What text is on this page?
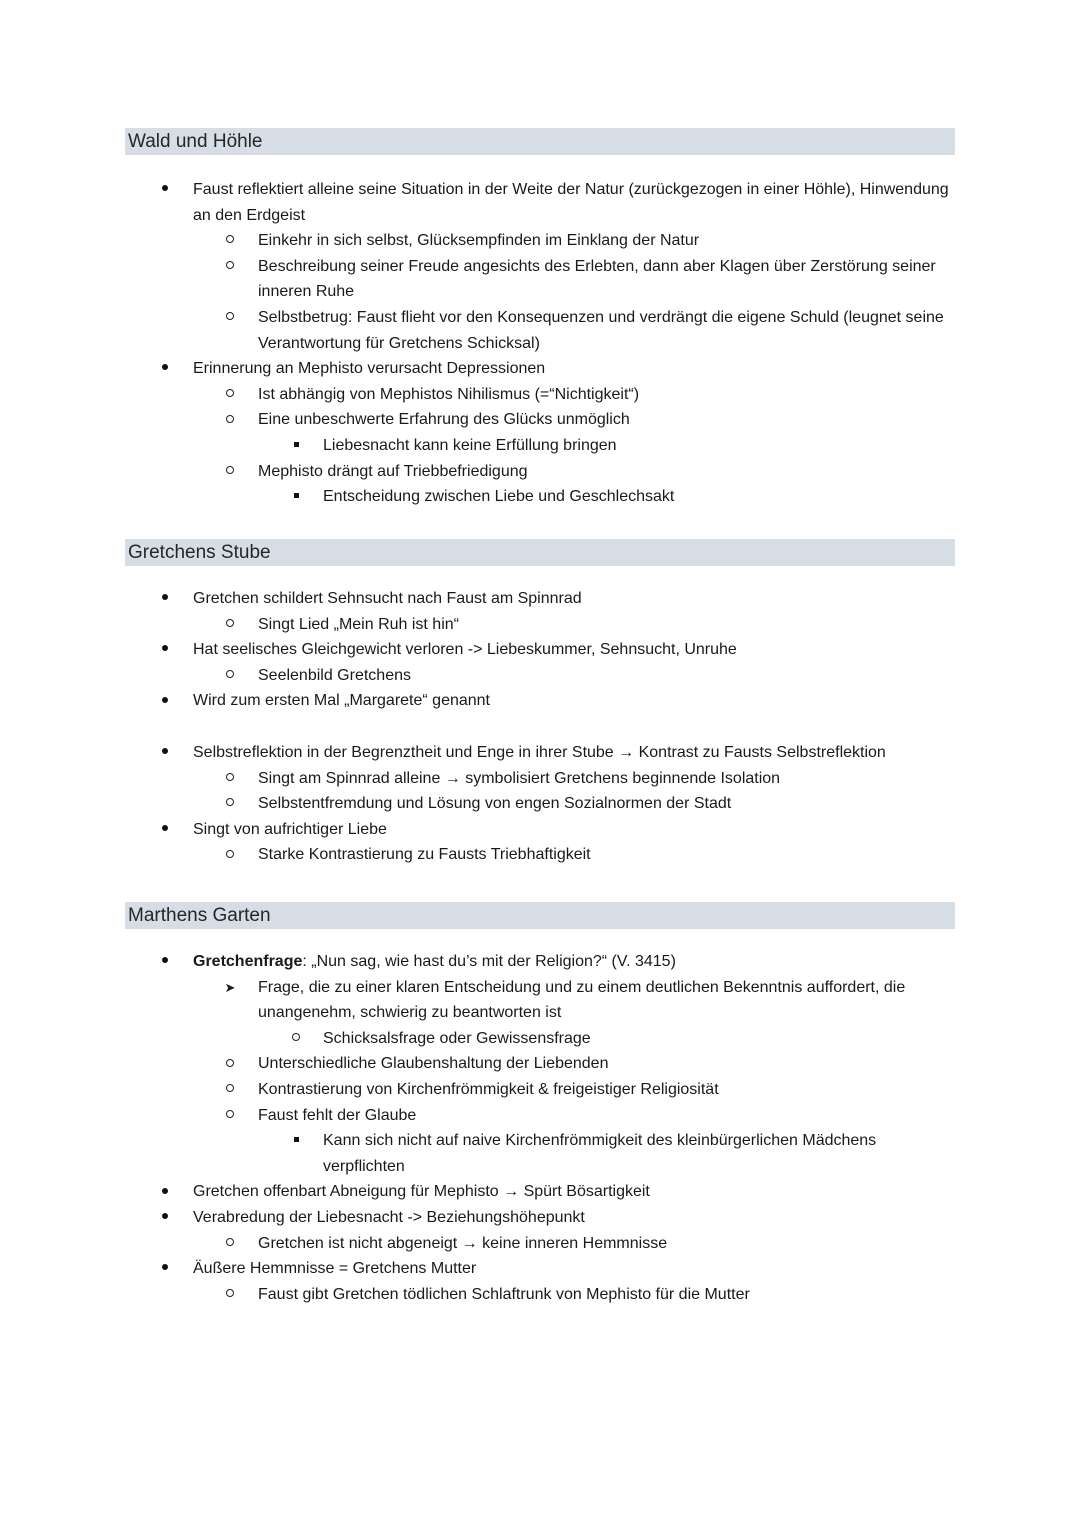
Wald und Höhle
Faust reflektiert alleine seine Situation in der Weite der Natur (zurückgezogen in einer Höhle), Hinwendung an den Erdgeist
Einkehr in sich selbst, Glücksempfinden im Einklang der Natur
Beschreibung seiner Freude angesichts des Erlebten, dann aber Klagen über Zerstörung seiner inneren Ruhe
Selbstbetrug: Faust flieht vor den Konsequenzen und verdrängt die eigene Schuld (leugnet seine Verantwortung für Gretchens Schicksal)
Erinnerung an Mephisto verursacht Depressionen
Ist abhängig von Mephistos Nihilismus (=“Nichtigkeit“)
Eine unbeschwerte Erfahrung des Glücks unmöglich
Liebesnacht kann keine Erfüllung bringen
Mephisto drängt auf Triebbefriedigung
Entscheidung zwischen Liebe und Geschlechsakt
Gretchens Stube
Gretchen schildert Sehnsucht nach Faust am Spinnrad
Singt Lied „Mein Ruh ist hin“
Hat seelisches Gleichgewicht verloren -> Liebeskummer, Sehnsucht, Unruhe
Seelenbild Gretchens
Wird zum ersten Mal „Margarete“ genannt
Selbstreflektion in der Begrenztheit und Enge in ihrer Stube → Kontrast zu Fausts Selbstreflektion
Singt am Spinnrad alleine → symbolisiert Gretchens beginnende Isolation
Selbstentfremdung und Lösung von engen Sozialnormen der Stadt
Singt von aufrichtiger Liebe
Starke Kontrastierung zu Fausts Triebhaftigkeit
Marthens Garten
Gretchenfrage: „Nun sag, wie hast du’s mit der Religion?“ (V. 3415)
➤ Frage, die zu einer klaren Entscheidung und zu einem deutlichen Bekenntnis auffordert, die unangenehm, schwierig zu beantworten ist
Schicksalsfrage oder Gewissensfrage
Unterschiedliche Glaubenshaltung der Liebenden
Kontrastierung von Kirchenfrömmigkeit & freigeistiger Religiosität
Faust fehlt der Glaube
Kann sich nicht auf naive Kirchenfrömmigkeit des kleinbürgerlichen Mädchens verpflichten
Gretchen offenbart Abneigung für Mephisto → Spürt Bösartigkeit
Verabredung der Liebesnacht -> Beziehungshöhepunkt
Gretchen ist nicht abgeneigt → keine inneren Hemmnisse
Äußere Hemmnisse = Gretchens Mutter
Faust gibt Gretchen tödlichen Schlaftrunk von Mephisto für die Mutter
